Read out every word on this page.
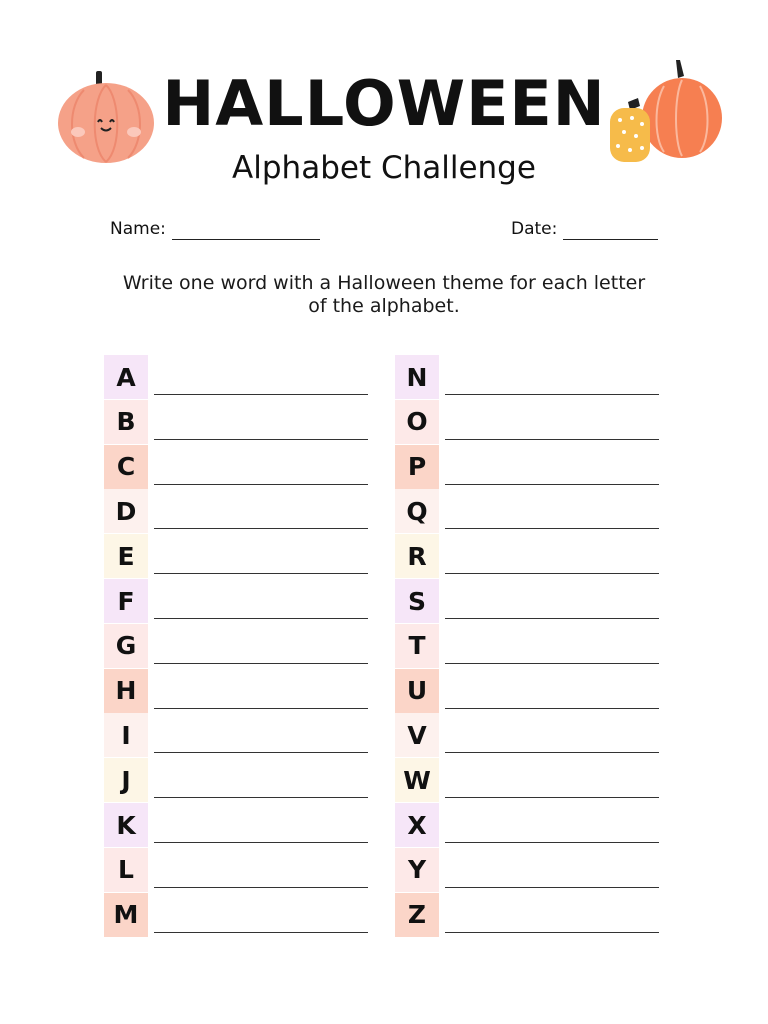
HALLOWEEN
Alphabet Challenge
Name:	Date:
Write one word with a Halloween theme for each letter
of the alphabet.
A
B
C
D
E
F
G
H
I
J
K
L
M
N
O
P
Q
R
S
T
U
V
W
X
Y
Z
